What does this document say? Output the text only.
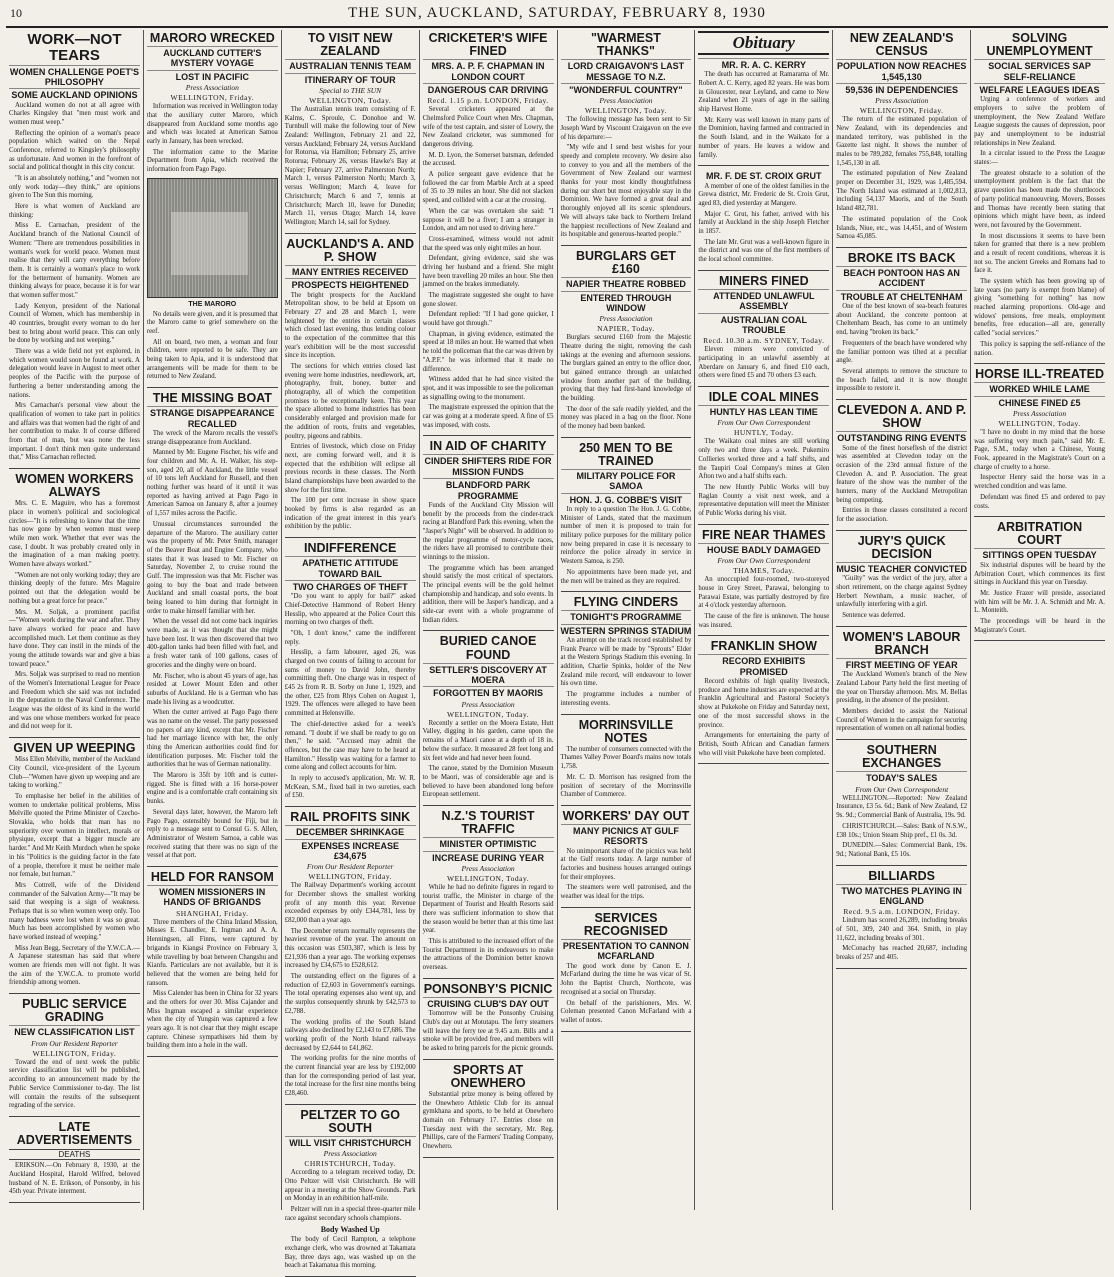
10	THE SUN, AUCKLAND, SATURDAY, FEBRUARY 8, 1930
WORK—NOT TEARS
WOMEN CHALLENGE POET'S PHILOSOPHY
SOME AUCKLAND OPINIONS

Auckland women do not at all agree with Charles Kingsley that "men must work and women must weep."

Reflecting the opinion of a woman's peace population which waited on the Nepal Conference, referred to Kingsley's philosophy as unfortunate. And women in the forefront of social and political thought in this city concur.

"It is an absolutely nothing," and "women not only work today—they think," are opinions given to The Sun this morning.

Here is what women of Auckland are thinking:

Miss E. Carnachan, president of the Auckland branch of the National Council of Women: "There are tremendous possibilities in woman's work for world peace. Women must realise that they will carry everything before them. It is certainly a woman's place to work for the betterment of humanity. Women are thinking always for peace, because it is for war that women suffer most."

Lady Kenyon, president of the National Council of Women, which has membership in 40 countries, brought every woman to do her best to bring about world peace. This can only be done by working and not weeping."

There was a wide field not yet explored, in which women would soon be found at work. A delegation would leave in August to meet other peoples of the Pacific with the purpose of furthering a better understanding among the nations.

Mrs Carnachan's personal view about the qualification of women to take part in politics and affairs was that women had the right of and her contribution to make. It of course differed from that of man, but was none the less important. I don't think men quite understand that," Miss Carnachan reflected.

WOMEN WORKERS ALWAYS

Mrs. C. E. Maguire, who has a foremost place in women's political and sociological circles—"It is refreshing to know that the time has now gone by when women must weep while men work. Whether that ever was the case, I doubt. It was probably created only in the imagination of a man making poetry. Women have always worked."

"Women are not only working today; they are thinking deeply of the future. Mrs Maguire pointed out that the delegation would be nothing but a great force for peace."

Mrs. M. Soljak, a prominent pacifist—"Women work during the war and after. They have always worked for peace and have accomplished much. Let them continue as they have done. They can instil in the minds of the young the attitude towards war and give a bias toward peace."

Mrs. Soljak was surprised to read no mention of the Women's International League for Peace and Freedom which she said was not included in the deputation to the Naval Conference. The League was the oldest of its kind in the world and was one whose members worked for peace and did not weep for it.

GIVEN UP WEEPING

Miss Ellen Melville, member of the Auckland City Council, vice-president of the Lyceum Club—"Women have given up weeping and are taking to working."

To emphasise her belief in the abilities of women to undertake political problems, Miss Melville quoted the Prime Minister of Czecho-Slovakia, who holds that man has no superiority over women in intellect, morals or physique, except that a bigger muscle are harder." And Mr Keith Murdoch when he spoke in his "Politics is the guiding factor in the fate of a people, therefore it must be neither male nor female, but human."

Mrs Cottrell, wife of the Dividend commander of the Salvation Army—"It may be said that weeping is a sign of weakness. Perhaps that is so when women weep only. Too many badness were lost when it was so great. Much has been accomplished by women who have worked instead of weeping."

Miss Jean Begg, Secretary of the Y.W.C.A.—A Japanese statesman has said that where women are friends men will not fight. It was the aim of the Y.W.C.A. to promote world friendship among women.

PUBLIC SERVICE GRADING
NEW CLASSIFICATION LIST
From Our Resident Reporter
WELLINGTON, Friday.

Toward the end of next week the public service classification list will be published, according to an announcement made by the Public Service Commissioner to-day. The list will contain the results of the subsequent regrading of the service.

LATE ADVERTISEMENTS
DEATHS

ERIKSON.—On February 8, 1930, at the Auckland Hospital, Harold Wilfred, beloved husband of N. E. Erikson, of Ponsonby, in his 45th year. Private interment.

MARORO WRECKED
AUCKLAND CUTTER'S MYSTERY VOYAGE
LOST IN PACIFIC
Press Association
WELLINGTON, Friday.

Information was received in Wellington today that the auxiliary cutter Maroro, which disappeared from Auckland some months ago and which was located at American Samoa early in January, has been wrecked.

The information came to the Marine Department from Apia, which received the information from Pago Pago.

THE MARORO

No details were given, and it is presumed that the Maroro came to grief somewhere on the reef.

All on board, two men, a woman and four children, were reported to be safe. They are being taken to Apia, and it is understood that arrangements will be made for them to be returned to New Zealand.

THE MISSING BOAT
STRANGE DISAPPEARANCE RECALLED

The wreck of the Maroro recalls the vessel's strange disappearance from Auckland.

Manned by Mr. Eugene Fischer, his wife and four children and Mr. A. H. Walker, his step-son, aged 20, all of Auckland, the little vessel of 10 tons left Auckland for Russell, and then nothing further was heard of it until it was reported as having arrived at Pago Pago in American Samoa on January 8, after a journey of 1,557 miles across the Pacific.

Unusual circumstances surrounded the departure of the Maroro. The auxiliary cutter was the property of Mr. Peter Smith, manager of the Beaver Boat and Engine Company, who states that it was leased to Mr. Fischer on Saturday, November 2, to cruise round the Gulf. The impression was that Mr. Fischer was going to buy the boat and trade between Auckland and small coastal ports, the boat being loaned to him during that fortnight in order to make himself familiar with her.

When the vessel did not come back inquiries were made, as it was thought that she might have been lost. It was then discovered that two 400-gallon tanks had been filled with fuel, and a fresh water tank of 100 gallons, cases of groceries and the dinghy were on board.

Mr. Fischer, who is about 45 years of age, has resided at Lower Mount Eden and other suburbs of Auckland. He is a German who has made his living as a woodcutter.

When the cutter arrived at Pago Pago there was no name on the vessel. The party possessed no papers of any kind, except that Mr. Fischer had her marriage licence with her, the only thing the American authorities could find for identification purposes. Mr. Fischer told the authorities that he was of German nationality.

The Maroro is 35ft by 10ft and is cutter-rigged. She is fitted with a 16 horse-power engine and is a comfortable craft containing six bunks.

Several days later, however, the Maroro left Pago Pago, ostensibly bound for Fiji, but in reply to a message sent to Consul G. S. Allen, Administrator of Western Samoa, a cable was received stating that there was no sign of the vessel at that port.

HELD FOR RANSOM
WOMEN MISSIONERS IN HANDS OF BRIGANDS
SHANGHAI, Friday.

Three members of the China Inland Mission, Misses E. Chandler, E. Ingman and A. A. Henningsen, all Finns, were captured by brigands in Kiangsi Province on February 3, while travelling by boat between Changshu and Kianfu. Particulars are not available, but it is believed that the women are being held for ransom.

Miss Calender has been in China for 32 years and the others for over 30. Miss Cajander and Miss Ingman escaped a similar experience when the city of Yungsin was captured a few years ago. It is not clear that they might escape capture. Chinese sympathisers hid them by building them into a hole in the wall.

TO VISIT NEW ZEALAND
AUSTRALIAN TENNIS TEAM
ITINERARY OF TOUR
Special to THE SUN
WELLINGTON, Today.

The Australian tennis team consisting of F. Kalms, C. Sproule, C. Donohoe and W. Turnbull will make the following tour of New Zealand: Wellington, February 21 and 22, versus Auckland; February 24, versus Auckland for Rotorua, via Hamilton; February 25, arrive Rotorua; February 26, versus Hawke's Bay at Napier; February 27, arrive Palmerston North; March 1, versus Palmerston North; March 3, versus Wellington; March 4, leave for Christchurch; March 6 and 7, tennis at Christchurch; March 10, leave for Dunedin; March 11, versus Otago; March 14, leave Wellington; March 14, sail for Sydney.

AUCKLAND'S A. AND P. SHOW
MANY ENTRIES RECEIVED
PROSPECTS HEIGHTENED

The bright prospects for the Auckland Metropolitan show, to be held at Epsom on February 27 and 28 and March 1, were heightened by the entries in certain classes which closed last evening, thus lending colour to the expectation of the committee that this year's exhibition will be the most successful since its inception.

The sections for which entries closed last evening were home industries, needlework, art, photography, fruit, honey, butter and photography, all of which the competition promises to be exceptionally keen. This year the space allotted to home industries has been considerably enlarged and provision made for the addition of roots, fruits and vegetables, poultry, pigeons and rabbits.

Entries of livestock, which close on Friday next, are coming forward well, and it is expected that the exhibition will eclipse all previous records in these classes. The North Island championships have been awarded to the show for the first time.

The 100 per cent increase in show space booked by firms is also regarded as an indication of the great interest in this year's exhibition by the public.

INDIFFERENCE
APATHETIC ATTITUDE TOWARD BAIL
TWO CHARGES OF THEFT

"Do you want to apply for bail?" asked Chief-Detective Hammond of Robert Henry Hesslip, who appeared at the Police Court this morning on two charges of theft.

"Oh, I don't know," came the indifferent reply.

Hesslip, a farm labourer, aged 26, was charged on two counts of failing to account for sums of money to David John, thereby committing theft. One charge was in respect of £45 2s from R. B. Sorby on June 1, 1929, and the other, £25 from Rhys Cohen on August 1, 1929. The offences were alleged to have been committed at Helensville.

The chief-detective asked for a week's remand. "I doubt if we shall be ready to go on then," he said. "Accused may admit the offences, but the case may have to be heard at Hamilton." Hesslip was waiting for a farmer to come along and collect accounts for him.

In reply to accused's application, Mr. W. R. McKean, S.M., fixed bail in two sureties, each of £50.

RAIL PROFITS SINK
DECEMBER SHRINKAGE
EXPENSES INCREASE £34,675
From Our Resident Reporter
WELLINGTON, Friday.

The Railway Department's working account for December shows the smallest working profit of any month this year. Revenue exceeded expenses by only £344,781, less by £82,000 than a year ago.

The December return normally represents the heaviest revenue of the year. The amount on this occasion was £503,387, which is less by £21,936 than a year ago. The working expenses increased by £34,675 to £528,612.

The outstanding effect on the figures of a reduction of £2,603 in Government's earnings. The total operating expenses also went up, and the surplus consequently shrunk by £42,573 to £2,788.

The working profits of the South Island railways also declined by £2,143 to £7,686. The working profit of the North Island railways decreased by £2,644 to £41,862.

The working profits for the nine months of the current financial year are less by £192,000 than for the corresponding period of last year, the total increase for the first nine months being £28,460.

PELTZER TO GO SOUTH
WILL VISIT CHRISTCHURCH
Press Association
CHRISTCHURCH, Today.

According to a telegram received today, Dr. Otto Peltzer will visit Christchurch. He will appear in a meeting at the Show Grounds. Park on Monday in an exhibition half-mile.

Peltzer will run in a special three-quarter mile race against secondary schools champions.

Body Washed Up

The body of Cecil Rampton, a telephone exchange clerk, who was drowned at Takamata Bay, three days ago, was washed up on the beach at Takamatua this morning.

CRICKETER'S WIFE FINED
MRS. A. P. F. CHAPMAN IN LONDON COURT
DANGEROUS CAR DRIVING
Recd. 1.15 p.m. LONDON, Friday.

Several cricketers appeared at the Chelmsford Police Court when Mrs. Chapman, wife of the test captain, and sister of Lowry, the New Zealand cricketer, was summoned for dangerous driving.

M. D. Lyon, the Somerset batsman, defended the accused.

A police sergeant gave evidence that he followed the car from Marble Arch at a speed of 35 to 39 miles an hour. She did not slacken speed, and collided with a car at the crossing.

When the car was overtaken she said: "I suppose it will be a fiver; I am a stranger in London, and am not used to driving here."

Cross-examined, witness would not admit that the speed was only eight miles an hour.

Defendant, giving evidence, said she was driving her husband and a friend. She might have been travelling 20 miles an hour. She then jammed on the brakes immediately.

The magistrate suggested she ought to have gone slower.

Defendant replied: "If I had gone quicker, I would have got through."

Chapman, in giving evidence, estimated the speed at 18 miles an hour. He warned that when he told the policeman that the car was driven by "A.P.F." he was informed that it made no difference.

Witness added that he had since visited the spot, and it was impossible to see the policeman as signalling owing to the monument.

The magistrate expressed the opinion that the car was going at a moderate speed. A fine of £5 was imposed, with costs.

IN AID OF CHARITY
CINDER SHIFTERS RIDE FOR MISSION FUNDS
BLANDFORD PARK PROGRAMME

Funds of the Auckland City Mission will benefit by the proceeds from the cinder-track racing at Blandford Park this evening, when the "Jasper's Night" will be observed. In addition to the regular programme of motor-cycle races, the riders have all promised to contribute their winnings to the mission.

The programme which has been arranged should satisfy the most critical of spectators. The principal events will be the gold helmet championship and handicap, and solo events. In addition, there will be Jasper's handicap, and a side-car event with a whole programme of Indian riders.

BURIED CANOE FOUND
SETTLER'S DISCOVERY AT MOERA
FORGOTTEN BY MAORIS
Press Association
WELLINGTON, Today.

Recently a settler on the Moera Estate, Hutt Valley, digging in his garden, came upon the remains of a Maori canoe at a depth of 18 in. below the surface. It measured 28 feet long and six feet wide and had never been found.

The canoe, stated by the Dominion Museum to be Maori, was of considerable age and is believed to have been abandoned long before European settlement.

N.Z.'S TOURIST TRAFFIC
MINISTER OPTIMISTIC
INCREASE DURING YEAR
Press Association
WELLINGTON, Today.

While he had no definite figures in regard to tourist traffic, the Minister in charge of the Department of Tourist and Health Resorts said there was sufficient information to show that the season would be better than at this time last year.

This is attributed to the increased effort of the Tourist Department in its endeavours to make the attractions of the Dominion better known overseas.

PONSONBY'S PICNIC
CRUISING CLUB'S DAY OUT

Tomorrow will be the Ponsonby Cruising Club's day out at Motutapu. The ferry steamers will leave the ferry tee at 9.45 a.m. Bills and a smoke will be provided free, and members will be asked to bring parcels for the picnic grounds.

SPORTS AT ONEWHERO

Substantial prize money is being offered by the Onewhero Athletic Club for its annual gymkhana and sports, to be held at Onewhero domain on February 17. Entries close on Tuesday next with the secretary, Mr. Reg. Phillips, care of the Farmers' Trading Company, Onewhero.

"WARMEST THANKS"
LORD CRAIGAVON'S LAST MESSAGE TO N.Z.
"WONDERFUL COUNTRY"
Press Association
WELLINGTON, Today.

The following message has been sent to Sir Joseph Ward by Viscount Craigavon on the eve of his departure:—

"My wife and I send best wishes for your speedy and complete recovery. We desire also to convey to you and all the members of the Government of New Zealand our warmest thanks for your most kindly thoughtfulness during our short but most enjoyable stay in the Dominion. We have formed a great deal and thoroughly enjoyed all its scenic splendours. We will always take back to Northern Ireland the happiest recollections of New Zealand and its hospitable and generous-hearted people."

BURGLARS GET £160
NAPIER THEATRE ROBBED
ENTERED THROUGH WINDOW
Press Association
NAPIER, Today.

Burglars secured £160 from the Majestic Theatre during the night, removing the cash takings at the evening and afternoon sessions. The burglars gained an entry to the office door, but gained entrance through an unlatched window from another part of the building, proving that they had first-hand knowledge of the building.

The door of the safe readily yielded, and the money was placed in a bag on the floor. None of the money had been banked.

250 MEN TO BE TRAINED
MILITARY POLICE FOR SAMOA
HON. J. G. COBBE'S VISIT

In reply to a question The Hon. J. G. Cobbe, Minister of Lands, stated that the maximum number of men it is proposed to train for military police purposes for the military police now being prepared in case it is necessary to reinforce the police already in service in Western Samoa, is 250.

No appointments have been made yet, and the men will be trained as they are required.

FLYING CINDERS
TONIGHT'S PROGRAMME
WESTERN SPRINGS STADIUM

An attempt on the track record established by Frank Pearce will be made by "Sprouts" Elder at the Western Springs Stadium this evening. In addition, Charlie Spinks, holder of the New Zealand mile record, will endeavour to lower his own time.

The programme includes a number of interesting events.

MORRINSVILLE NOTES

The number of consumers connected with the Thames Valley Power Board's mains now totals 1,758.

Mr. C. D. Morrison has resigned from the position of secretary of the Morrinsville Chamber of Commerce.

WORKERS' DAY OUT
MANY PICNICS AT GULF RESORTS

No unimportant share of the picnics was held at the Gulf resorts today. A large number of factories and business houses arranged outings for their employees.

The steamers were well patronised, and the weather was ideal for the trips.

SERVICES RECOGNISED
PRESENTATION TO CANNON MCFARLAND

The good work done by Canon E. J. McFarland during the time he was vicar of St. John the Baptist Church, Northcote, was recognised at a social on Thursday.

On behalf of the parishioners, Mrs. W. Coleman presented Canon McFarland with a wallet of notes.

Obituary
MR. R. A. C. KERRY

The death has occurred at Ramarama of Mr. Robert A. C. Kerry, aged 82 years. He was born in Gloucester, near Leyland, and came to New Zealand when 21 years of age in the sailing ship Harvest Home.

Mr. Kerry was well known in many parts of the Dominion, having farmed and contracted in the South Island, and in the Waikato for a number of years. He leaves a widow and family.

MR. F. DE ST. CROIX GRUT

A member of one of the oldest families in the Grewa district, Mr. Frederic de St. Croix Grut, aged 83, died yesterday at Mangere.

Major C. Grut, his father, arrived with his family at Auckland in the ship Joseph Fletcher in 1857.

The late Mr. Grut was a well-known figure in the district and was one of the first members of the local school committee.

MINERS FINED
ATTENDED UNLAWFUL ASSEMBLY
AUSTRALIAN COAL TROUBLE
Recd. 10.30 a.m. SYDNEY, Today.

Eleven miners were convicted of participating in an unlawful assembly at Aberdare on January 6, and fined £10 each, others were fined £5 and 70 others £3 each.

IDLE COAL MINES
HUNTLY HAS LEAN TIME
From Our Own Correspondent
HUNTLY, Today.

The Waikato coal mines are still working only two and three days a week. Pukemiro Collieries worked three and a half shifts, and the Taupiri Coal Company's mines at Glen Afton two and a half shifts each.

The new Huntly Public Works will buy Raglan County a visit next week, and a representative deputation will meet the Minister of Public Works during his visit.

FIRE NEAR THAMES
HOUSE BADLY DAMAGED
From Our Own Correspondent
THAMES, Today.

An unoccupied four-roomed, two-storeyed house in Grey Street, Parawai, belonging to Parawai Estate, was partially destroyed by fire at 4 o'clock yesterday afternoon.

The cause of the fire is unknown. The house was insured.

FRANKLIN SHOW
RECORD EXHIBITS PROMISED

Record exhibits of high quality livestock, produce and home industries are expected at the Franklin Agricultural and Pastoral Society's show at Pukekohe on Friday and Saturday next, one of the most successful shows in the province.

Arrangements for entertaining the party of British, South African and Canadian farmers who will visit Pukekohe have been completed.

NEW ZEALAND'S CENSUS
POPULATION NOW REACHES 1,545,130
59,536 IN DEPENDENCIES
Press Association
WELLINGTON, Friday.

The return of the estimated population of New Zealand, with its dependencies and mandated territory, was published in the Gazette last night. It shows the number of males to be 789,282, females 755,848, totalling 1,545,130 in all.

The estimated population of New Zealand proper on December 31, 1929, was 1,485,594. The North Island was estimated at 1,002,813, including 54,137 Maoris, and of the South Island 482,781.

The estimated population of the Cook Islands, Niue, etc., was 14,451, and of Western Samoa 45,085.

BROKE ITS BACK
BEACH PONTOON HAS AN ACCIDENT
TROUBLE AT CHELTENHAM

One of the best known of sea-beach features about Auckland, the concrete pontoon at Cheltenham Beach, has come to an untimely end, having "broken its back."

Frequenters of the beach have wondered why the familiar pontoon was tilted at a peculiar angle.

Several attempts to remove the structure to the beach failed, and it is now thought impossible to restore it.

CLEVEDON A. AND P. SHOW
OUTSTANDING RING EVENTS

Some of the finest horseflesh of the district was assembled at Clevedon today on the occasion of the 23rd annual fixture of the Clevedon A. and P. Association. The great feature of the show was the number of the hunters, many of the Auckland Metropolitan being competing.

Entries in those classes constituted a record for the association.

JURY'S QUICK DECISION
MUSIC TEACHER CONVICTED

"Guilty" was the verdict of the jury, after a short retirement, on the charge against Sydney Herbert Newnham, a music teacher, of unlawfully interfering with a girl.

Sentence was deferred.

WOMEN'S LABOUR BRANCH
FIRST MEETING OF YEAR

The Auckland Women's branch of the New Zealand Labour Party held the first meeting of the year on Thursday afternoon. Mrs. M. Bellas presiding, in the absence of the president.

Members decided to assist the National Council of Women in the campaign for securing representation of women on all national bodies.

SOUTHERN EXCHANGES
TODAY'S SALES
From Our Own Correspondent

WELLINGTON.—Reported: New Zealand Insurance, £3 5s. 6d.; Bank of New Zealand, £2 9s. 9d.; Commercial Bank of Australia, 19s. 9d.

CHRISTCHURCH.—Sales: Bank of N.S.W., £38 10s.; Union Steam Ship pref., £1 0s. 3d.

DUNEDIN.—Sales: Commercial Bank, 19s. 9d.; National Bank, £5 10s.

BILLIARDS
TWO MATCHES PLAYING IN ENGLAND
Recd. 9.5 a.m. LONDON, Friday.

Lindrum has scored 26,289, including breaks of 501, 309, 240 and 364. Smith, in play 11,622, including breaks of 301.

McConachy has reached 20,687, including breaks of 257 and 405.

SOLVING UNEMPLOYMENT
SOCIAL SERVICES SAP SELF-RELIANCE
WELFARE LEAGUES IDEAS

Urging a conference of workers and employers to solve the problem of unemployment, the New Zealand Welfare League suggests the causes of depression, poor pay and unemployment to be industrial relationships in New Zealand.

In a circular issued to the Press the League states:—

The greatest obstacle to a solution of the unemployment problem is the fact that the grave question has been made the shuttlecock of party political manoeuvring. Movers, Bosses and Thomas have recently been stating that opinions which might have been, as indeed were, not favoured by the Government.

In most discussions it seems to have been taken for granted that there is a new problem and a result of recent conditions, whereas it is not so. The ancient Greeks and Romans had to face it.

The system which has been growing up of late years (no party is exempt from blame) of giving "something for nothing" has now reached alarming proportions. Old-age and widows' pensions, free meals, employment benefits, free education—all are, generally called "social services."

This policy is sapping the self-reliance of the nation.

HORSE ILL-TREATED
WORKED WHILE LAME
CHINESE FINED £5
Press Association
WELLINGTON, Today.

"I have no doubt in my mind that the horse was suffering very much pain," said Mr. E. Page, S.M., today when a Chinese, Young Fook, appeared in the Magistrate's Court on a charge of cruelty to a horse.

Inspector Henry said the horse was in a wretched condition and was lame.

Defendant was fined £5 and ordered to pay costs.

ARBITRATION COURT
SITTINGS OPEN TUESDAY

Six industrial disputes will be heard by the Arbitration Court, which commences its first sittings in Auckland this year on Tuesday.

Mr. Justice Frazer will preside, associated with him will be Mr. J. A. Schmidt and Mr. A. L. Monteith.

The proceedings will be heard in the Magistrate's Court.
